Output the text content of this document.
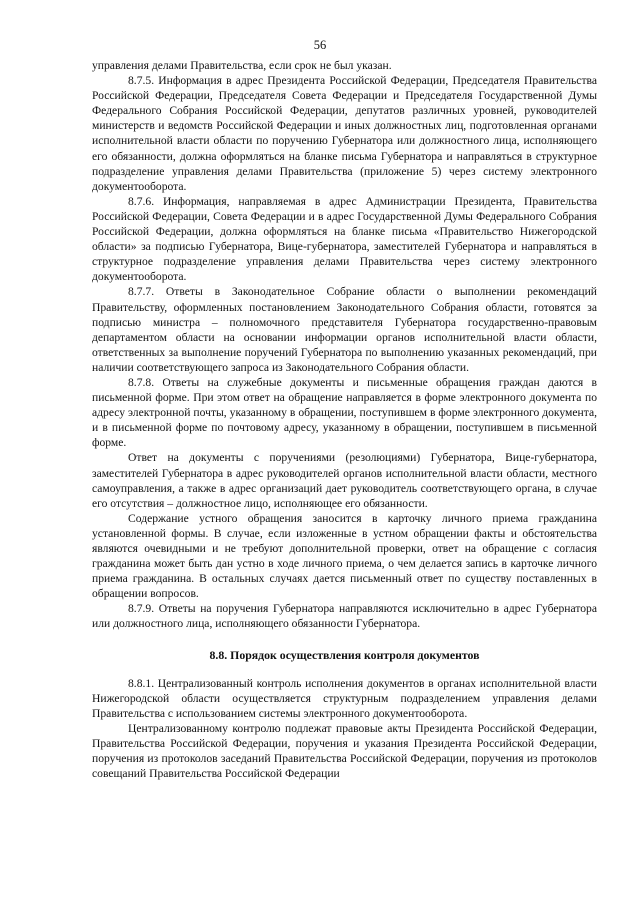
56

управления делами Правительства, если срок не был указан.

8.7.5. Информация в адрес Президента Российской Федерации, Председателя Правительства Российской Федерации, Председателя Совета Федерации и Председателя Государственной Думы Федерального Собрания Российской Федерации, депутатов различных уровней, руководителей министерств и ведомств Российской Федерации и иных должностных лиц, подготовленная органами исполнительной власти области по поручению Губернатора или должностного лица, исполняющего его обязанности, должна оформляться на бланке письма Губернатора и направляться в структурное подразделение управления делами Правительства (приложение 5) через систему электронного документооборота.

8.7.6. Информация, направляемая в адрес Администрации Президента, Правительства Российской Федерации, Совета Федерации и в адрес Государственной Думы Федерального Собрания Российской Федерации, должна оформляться на бланке письма «Правительство Нижегородской области» за подписью Губернатора, Вице-губернатора, заместителей Губернатора и направляться в структурное подразделение управления делами Правительства через систему электронного документооборота.

8.7.7. Ответы в Законодательное Собрание области о выполнении рекомендаций Правительству, оформленных постановлением Законодательного Собрания области, готовятся за подписью министра – полномочного представителя Губернатора государственно-правовым департаментом области на основании информации органов исполнительной власти области, ответственных за выполнение поручений Губернатора по выполнению указанных рекомендаций, при наличии соответствующего запроса из Законодательного Собрания области.

8.7.8. Ответы на служебные документы и письменные обращения граждан даются в письменной форме. При этом ответ на обращение направляется в форме электронного документа по адресу электронной почты, указанному в обращении, поступившем в форме электронного документа, и в письменной форме по почтовому адресу, указанному в обращении, поступившем в письменной форме.

Ответ на документы с поручениями (резолюциями) Губернатора, Вице-губернатора, заместителей Губернатора в адрес руководителей органов исполнительной власти области, местного самоуправления, а также в адрес организаций дает руководитель соответствующего органа, в случае его отсутствия – должностное лицо, исполняющее его обязанности.

Содержание устного обращения заносится в карточку личного приема гражданина установленной формы. В случае, если изложенные в устном обращении факты и обстоятельства являются очевидными и не требуют дополнительной проверки, ответ на обращение с согласия гражданина может быть дан устно в ходе личного приема, о чем делается запись в карточке личного приема гражданина. В остальных случаях дается письменный ответ по существу поставленных в обращении вопросов.

8.7.9. Ответы на поручения Губернатора направляются исключительно в адрес Губернатора или должностного лица, исполняющего обязанности Губернатора.

8.8. Порядок осуществления контроля документов

8.8.1. Централизованный контроль исполнения документов в органах исполнительной власти Нижегородской области осуществляется структурным подразделением управления делами Правительства с использованием системы электронного документооборота.

Централизованному контролю подлежат правовые акты Президента Российской Федерации, Правительства Российской Федерации, поручения и указания Президента Российской Федерации, поручения из протоколов заседаний Правительства Российской Федерации, поручения из протоколов совещаний Правительства Российской Федерации
